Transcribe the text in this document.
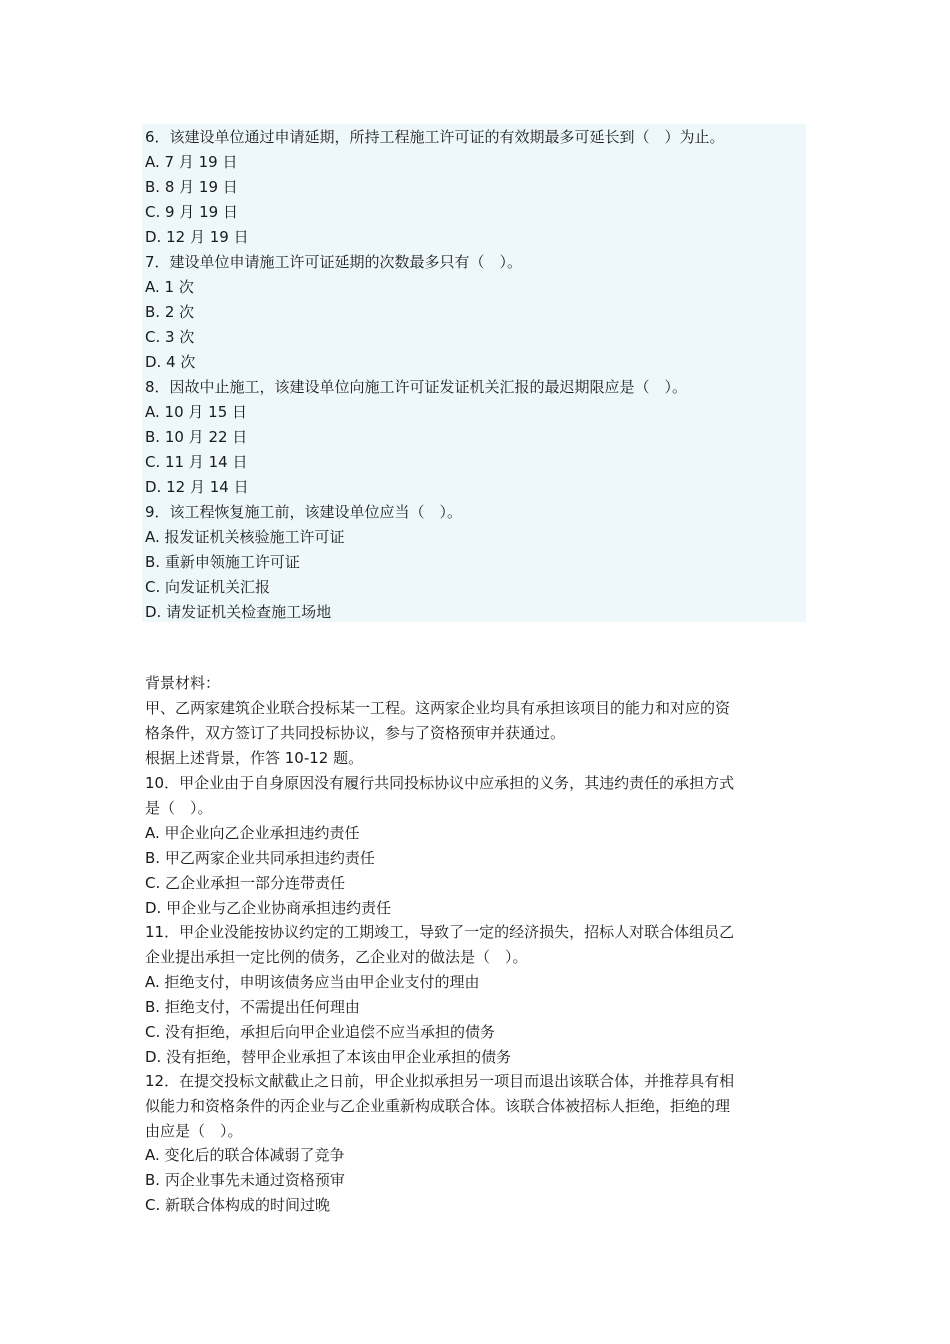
6．该建设单位通过申请延期，所持工程施工许可证的有效期最多可延长到（　）为止。
A. 7 月 19 日
B. 8 月 19 日
C. 9 月 19 日
D. 12 月 19 日
7．建设单位申请施工许可证延期的次数最多只有（　）。
A. 1 次
B. 2 次
C. 3 次
D. 4 次
8．因故中止施工，该建设单位向施工许可证发证机关汇报的最迟期限应是（　）。
A. 10 月 15 日
B. 10 月 22 日
C. 11 月 14 日
D. 12 月 14 日
9．该工程恢复施工前，该建设单位应当（　）。
A. 报发证机关核验施工许可证
B. 重新申领施工许可证
C. 向发证机关汇报
D. 请发证机关检查施工场地
背景材料：
甲、乙两家建筑企业联合投标某一工程。这两家企业均具有承担该项目的能力和对应的资
格条件，双方签订了共同投标协议，参与了资格预审并获通过。
根据上述背景，作答 10-12 题。
10．甲企业由于自身原因没有履行共同投标协议中应承担的义务，其违约责任的承担方式
是（　）。
A. 甲企业向乙企业承担违约责任
B. 甲乙两家企业共同承担违约责任
C. 乙企业承担一部分连带责任
D. 甲企业与乙企业协商承担违约责任
11．甲企业没能按协议约定的工期竣工，导致了一定的经济损失，招标人对联合体组员乙
企业提出承担一定比例的债务，乙企业对的做法是（　）。
A. 拒绝支付，申明该债务应当由甲企业支付的理由
B. 拒绝支付，不需提出任何理由
C. 没有拒绝，承担后向甲企业追偿不应当承担的债务
D. 没有拒绝，替甲企业承担了本该由甲企业承担的债务
12．在提交投标文献截止之日前，甲企业拟承担另一项目而退出该联合体，并推荐具有相
似能力和资格条件的丙企业与乙企业重新构成联合体。该联合体被招标人拒绝，拒绝的理
由应是（　）。
A. 变化后的联合体减弱了竞争
B. 丙企业事先未通过资格预审
C. 新联合体构成的时间过晚
